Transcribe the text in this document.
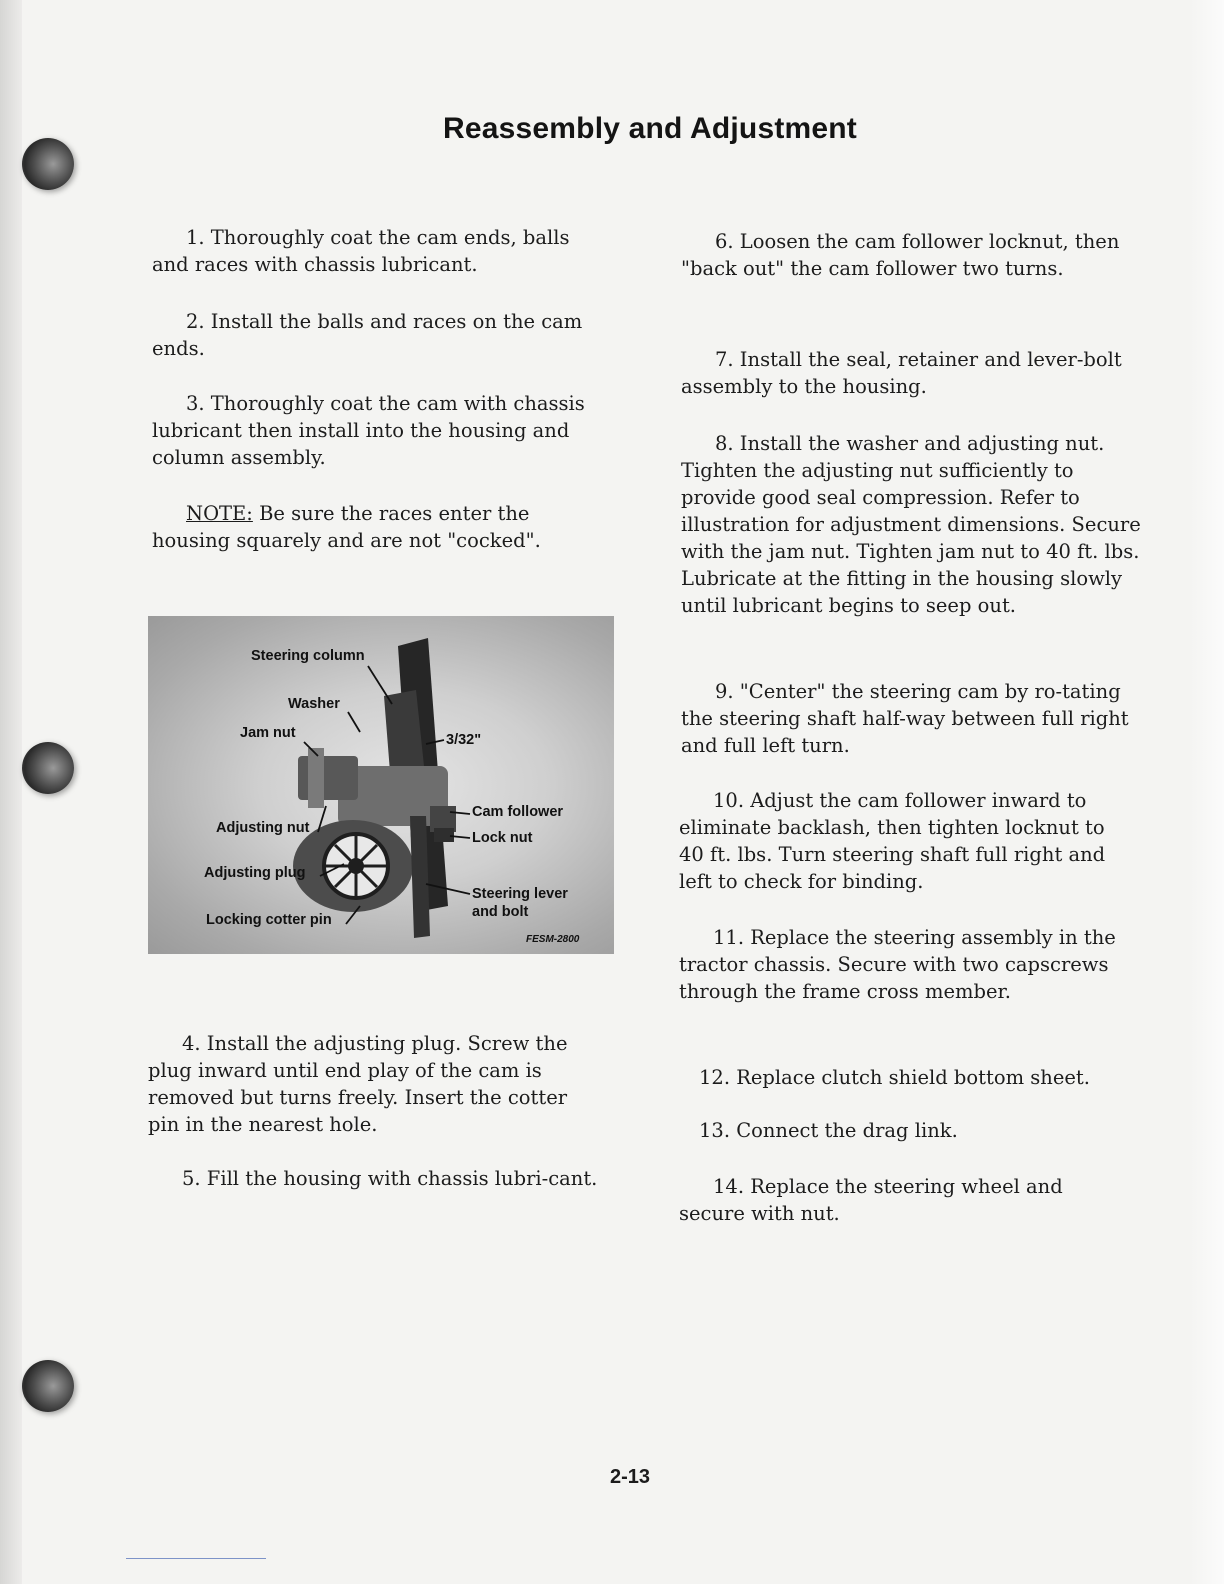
Reassembly and Adjustment

1. Thoroughly coat the cam ends, balls and races with chassis lubricant.

2. Install the balls and races on the cam ends.

3. Thoroughly coat the cam with chassis lubricant then install into the housing and column assembly.

NOTE: Be sure the races enter the housing squarely and are not "cocked".

Steering column
Washer
Jam nut	3/32"
Cam follower
Lock nut
Adjusting nut
Adjusting plug
Steering lever
and bolt
Locking cotter pin
FESM-2800

4. Install the adjusting plug. Screw the plug inward until end play of the cam is removed but turns freely. Insert the cotter pin in the nearest hole.

5. Fill the housing with chassis lubri-cant.

6. Loosen the cam follower locknut, then "back out" the cam follower two turns.

7. Install the seal, retainer and lever-bolt assembly to the housing.

8. Install the washer and adjusting nut. Tighten the adjusting nut sufficiently to provide good seal compression. Refer to illustration for adjustment dimensions. Secure with the jam nut. Tighten jam nut to 40 ft. lbs. Lubricate at the fitting in the housing slowly until lubricant begins to seep out.

9. "Center" the steering cam by ro-tating the steering shaft half-way between full right and full left turn.

10. Adjust the cam follower inward to eliminate backlash, then tighten locknut to 40 ft. lbs. Turn steering shaft full right and left to check for binding.

11. Replace the steering assembly in the tractor chassis. Secure with two capscrews through the frame cross member.

12. Replace clutch shield bottom sheet.

13. Connect the drag link.

14. Replace the steering wheel and secure with nut.

2-13
